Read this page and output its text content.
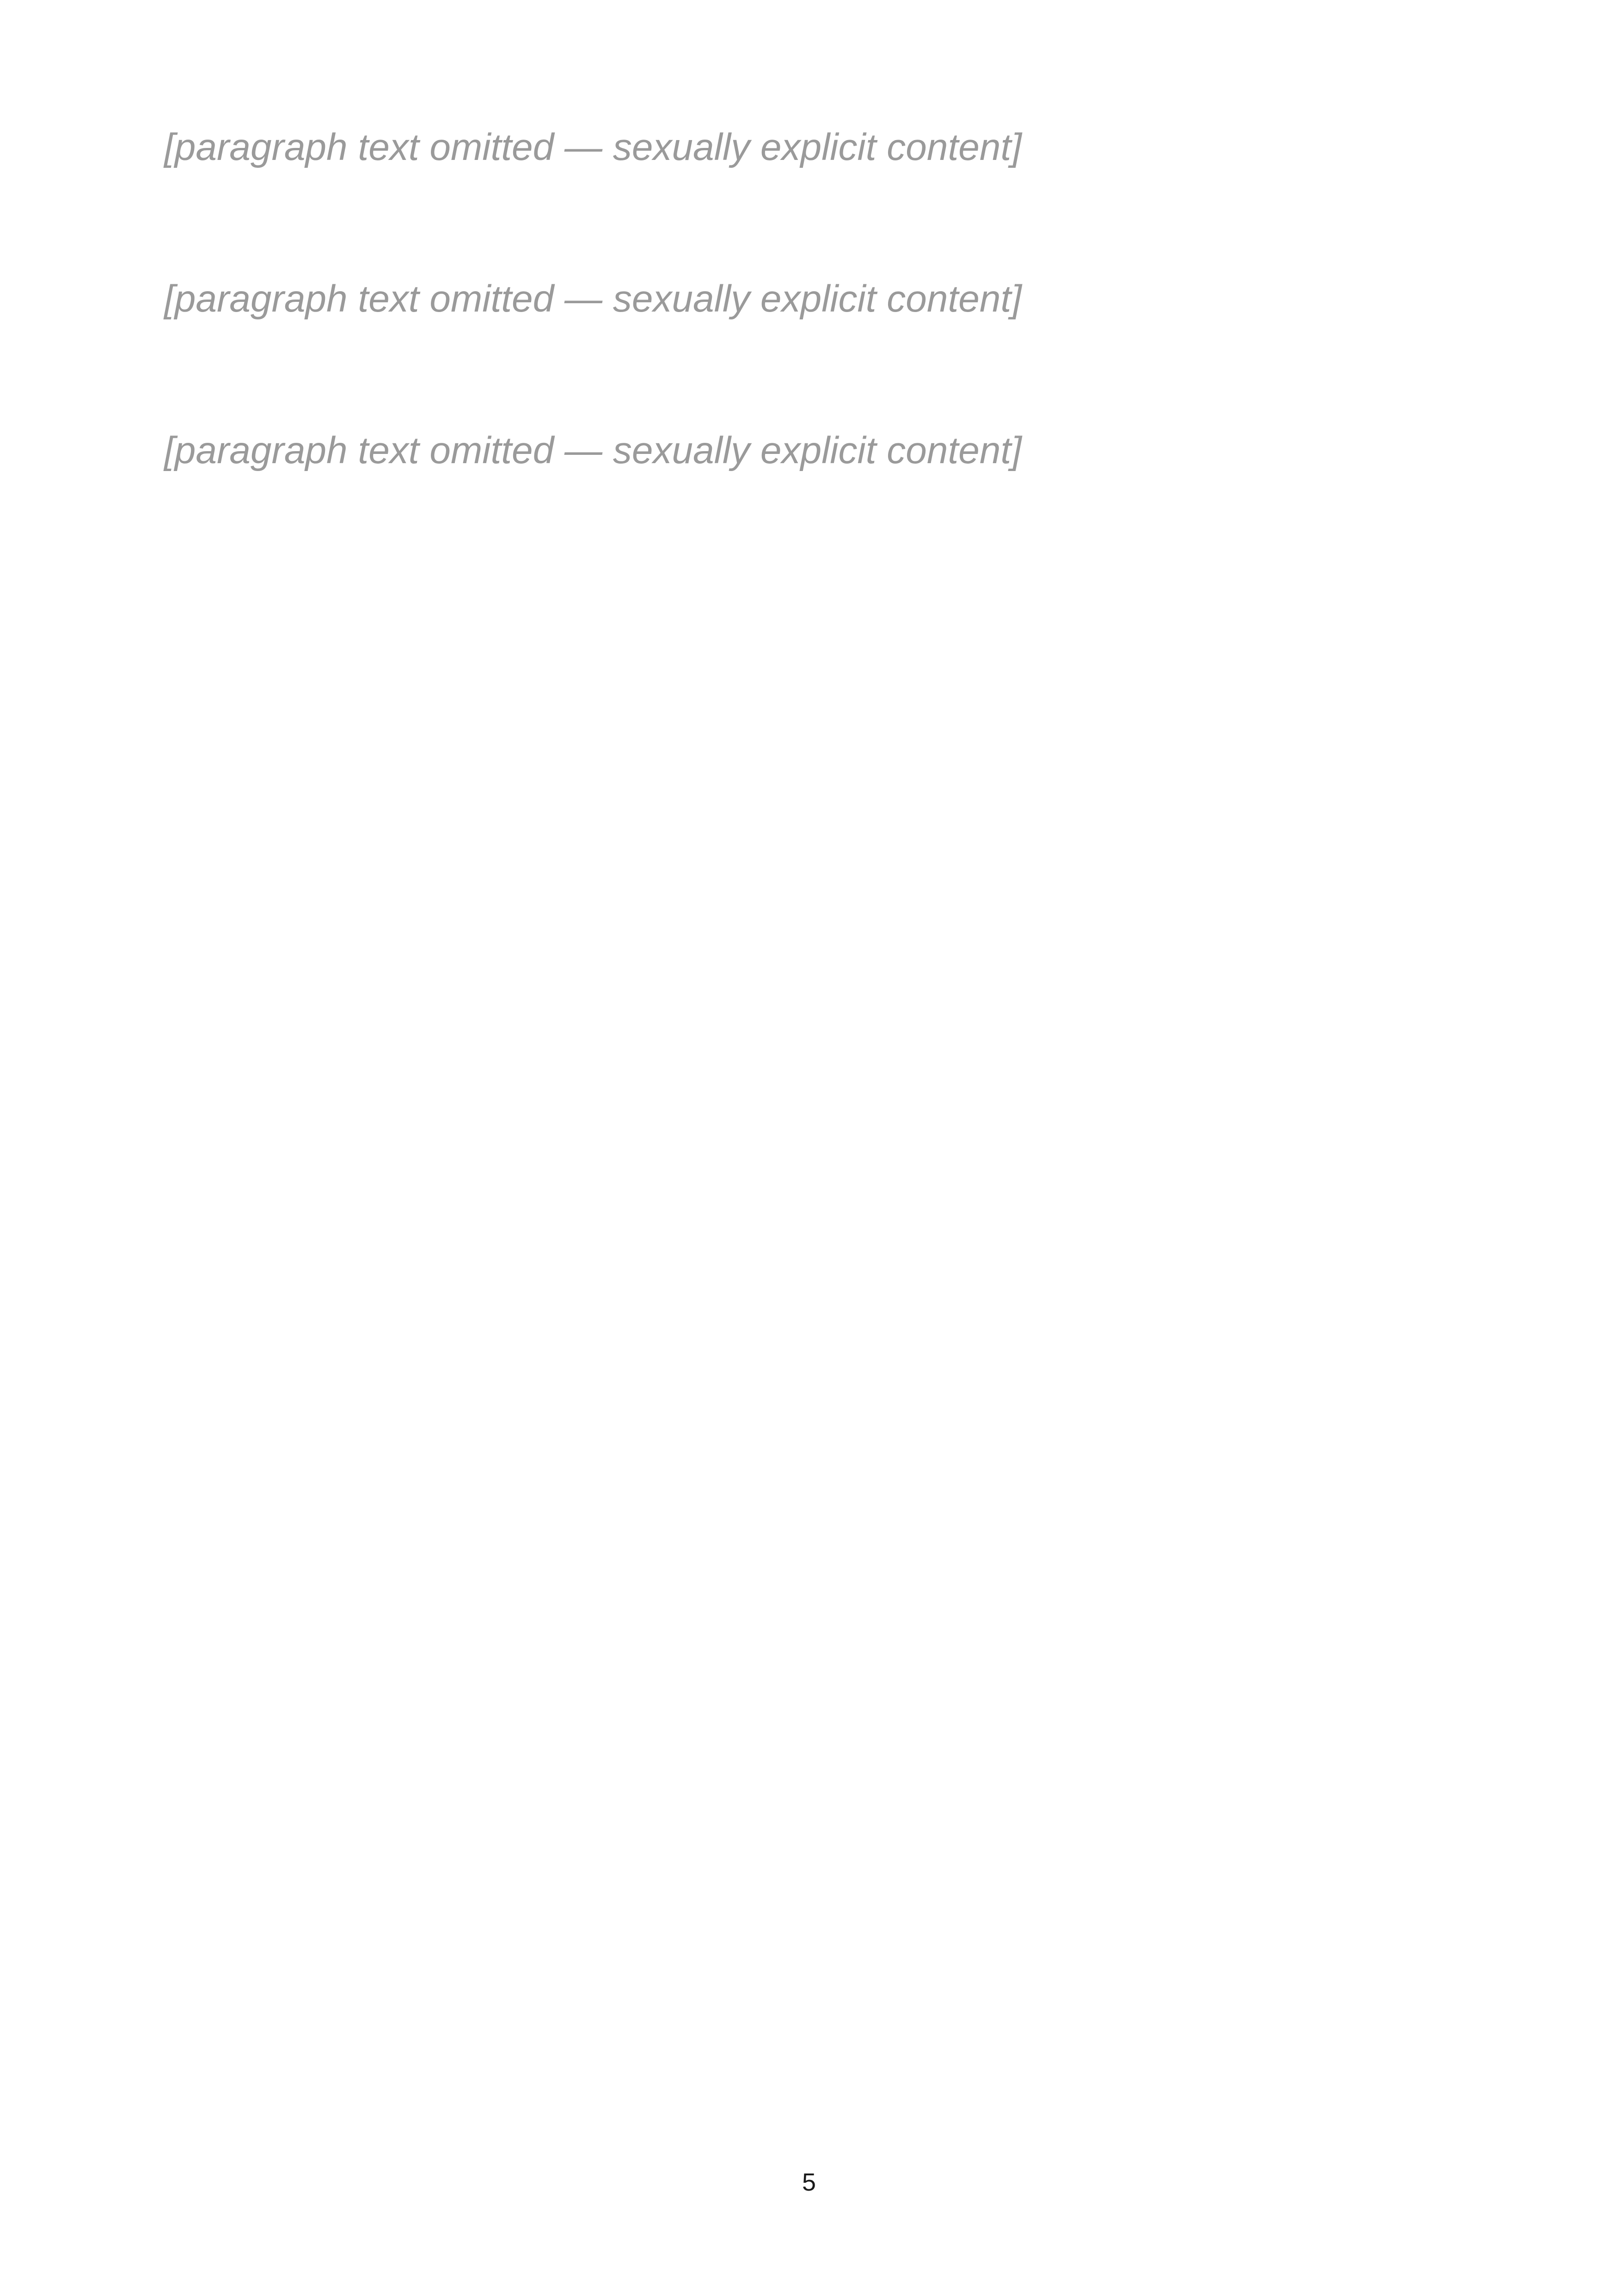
[paragraph text omitted — sexually explicit content]

[paragraph text omitted — sexually explicit content]

[paragraph text omitted — sexually explicit content]

5
